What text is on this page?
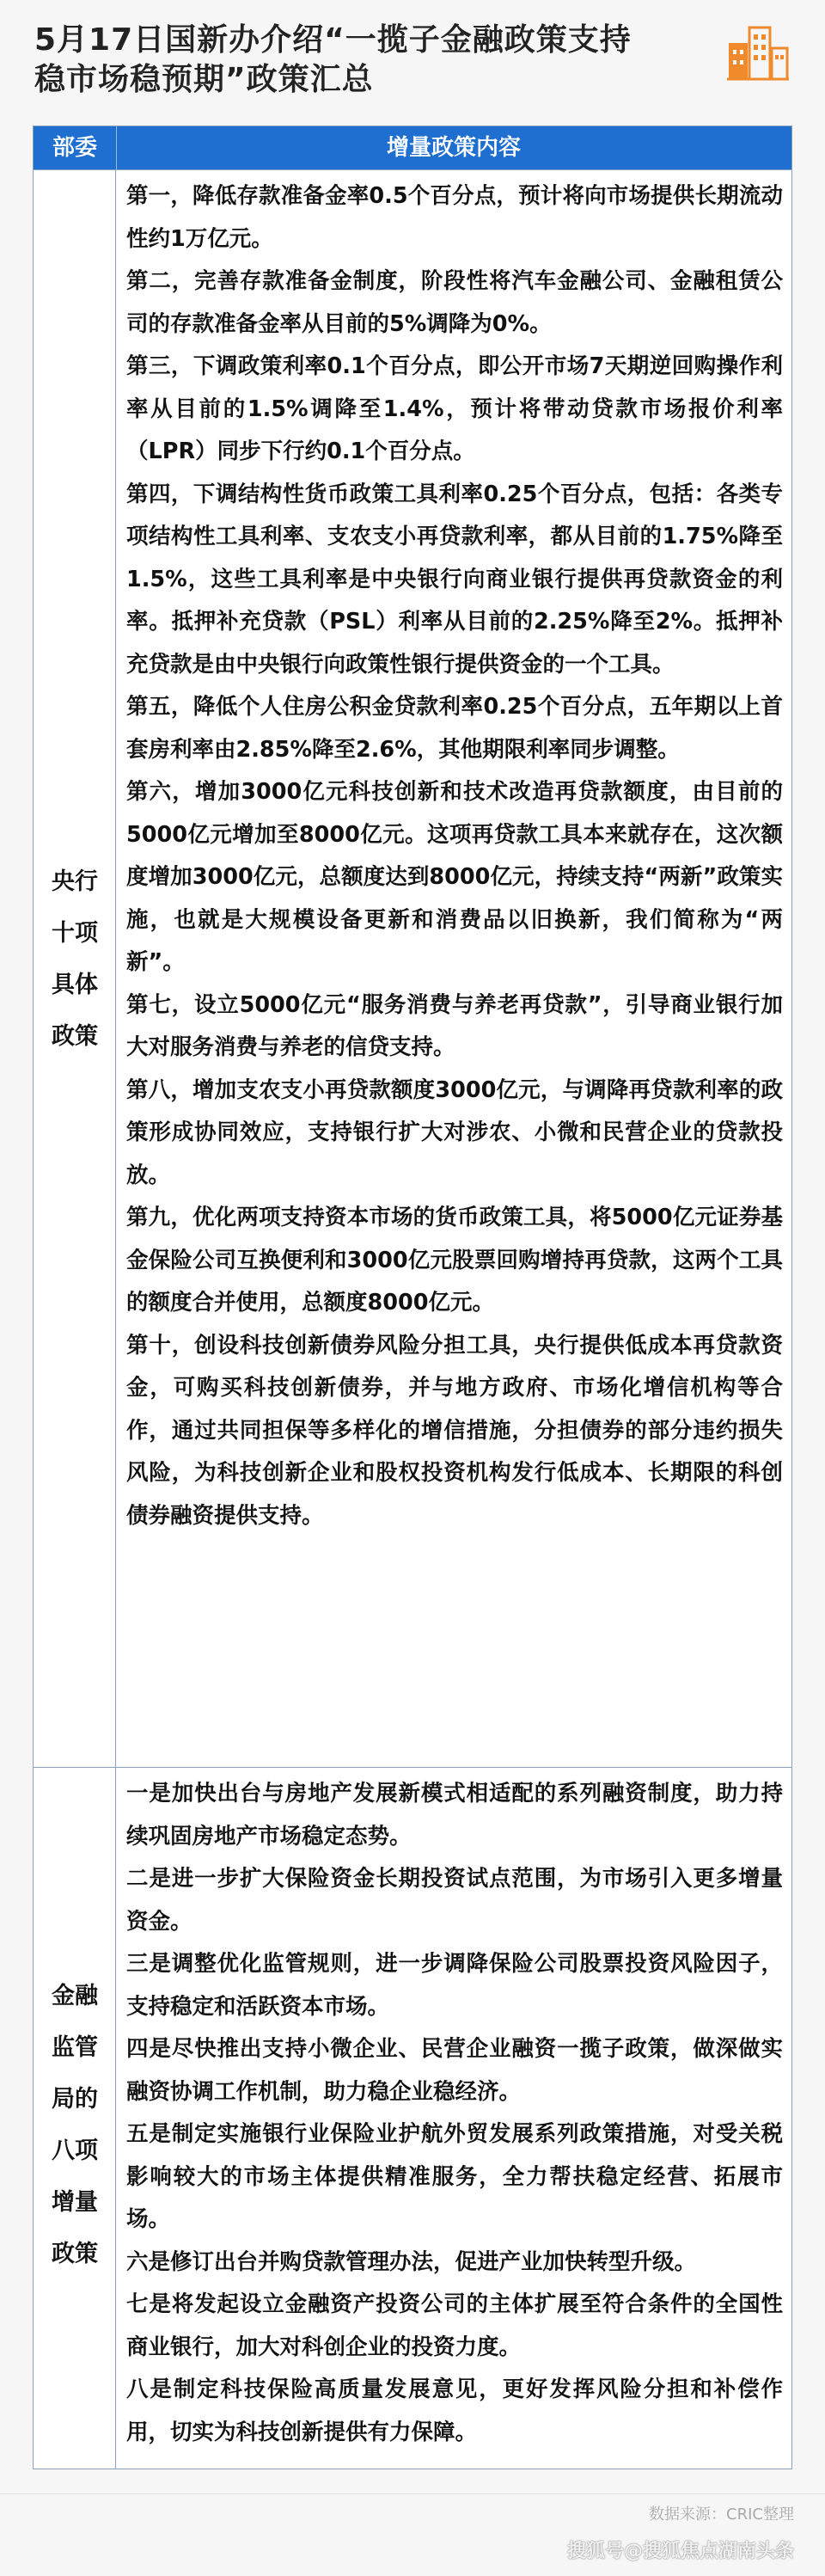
5月17日国新办介绍“一揽子金融政策支持
稳市场稳预期”政策汇总
部委	增量政策内容
央行
十项
具体
政策

第一，降低存款准备金率0.5个百分点，预计将向市场提供长期流动性约1万亿元。

第二，完善存款准备金制度，阶段性将汽车金融公司、金融租赁公司的存款准备金率从目前的5%调降为0%。

第三，下调政策利率0.1个百分点，即公开市场7天期逆回购操作利率从目前的1.5%调降至1.4%，预计将带动贷款市场报价利率（LPR）同步下行约0.1个百分点。

第四，下调结构性货币政策工具利率0.25个百分点，包括：各类专项结构性工具利率、支农支小再贷款利率，都从目前的1.75%降至1.5%，这些工具利率是中央银行向商业银行提供再贷款资金的利率。抵押补充贷款（PSL）利率从目前的2.25%降至2%。抵押补充贷款是由中央银行向政策性银行提供资金的一个工具。

第五，降低个人住房公积金贷款利率0.25个百分点，五年期以上首套房利率由2.85%降至2.6%，其他期限利率同步调整。

第六，增加3000亿元科技创新和技术改造再贷款额度，由目前的5000亿元增加至8000亿元。这项再贷款工具本来就存在，这次额度增加3000亿元，总额度达到8000亿元，持续支持“两新”政策实施，也就是大规模设备更新和消费品以旧换新，我们简称为“两新”。

第七，设立5000亿元“服务消费与养老再贷款”，引导商业银行加大对服务消费与养老的信贷支持。

第八，增加支农支小再贷款额度3000亿元，与调降再贷款利率的政策形成协同效应，支持银行扩大对涉农、小微和民营企业的贷款投放。

第九，优化两项支持资本市场的货币政策工具，将5000亿元证券基金保险公司互换便利和3000亿元股票回购增持再贷款，这两个工具的额度合并使用，总额度8000亿元。

第十，创设科技创新债券风险分担工具，央行提供低成本再贷款资金，可购买科技创新债券，并与地方政府、市场化增信机构等合作，通过共同担保等多样化的增信措施，分担债券的部分违约损失风险，为科技创新企业和股权投资机构发行低成本、长期限的科创债券融资提供支持。

金融
监管
局的
八项
增量
政策

一是加快出台与房地产发展新模式相适配的系列融资制度，助力持续巩固房地产市场稳定态势。

二是进一步扩大保险资金长期投资试点范围，为市场引入更多增量资金。

三是调整优化监管规则，进一步调降保险公司股票投资风险因子，支持稳定和活跃资本市场。

四是尽快推出支持小微企业、民营企业融资一揽子政策，做深做实融资协调工作机制，助力稳企业稳经济。

五是制定实施银行业保险业护航外贸发展系列政策措施，对受关税影响较大的市场主体提供精准服务，全力帮扶稳定经营、拓展市场。

六是修订出台并购贷款管理办法，促进产业加快转型升级。

七是将发起设立金融资产投资公司的主体扩展至符合条件的全国性商业银行，加大对科创企业的投资力度。

八是制定科技保险高质量发展意见，更好发挥风险分担和补偿作用，切实为科技创新提供有力保障。

数据来源：CRIC整理
搜狐号@搜狐焦点湖南头条
